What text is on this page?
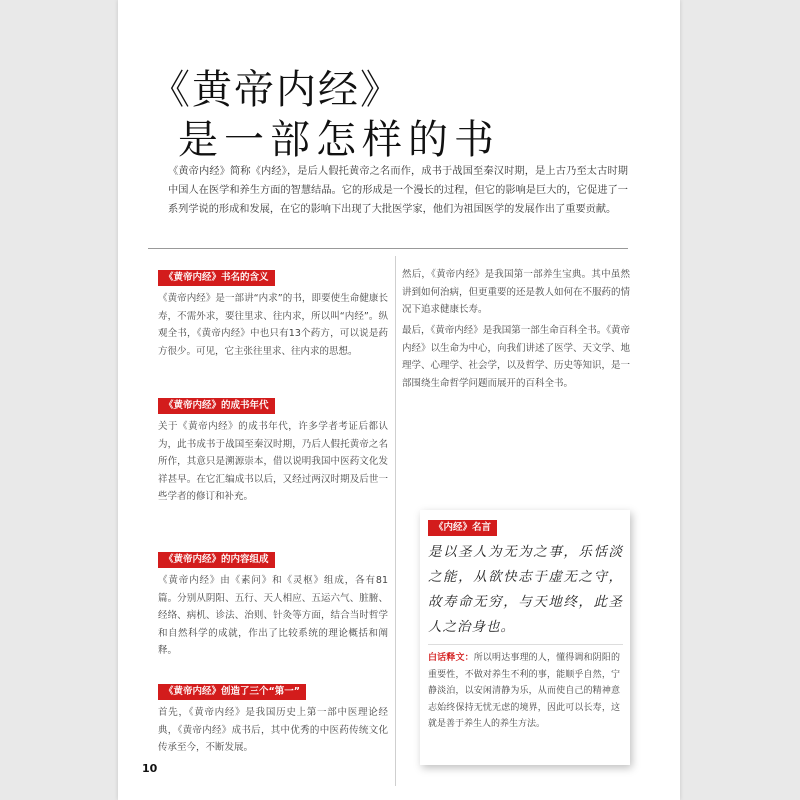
《黄帝内经》
是一部怎样的书
《黄帝内经》简称《内经》，是后人假托黄帝之名而作，成书于战国至秦汉时期，是上古乃至太古时期中国人在医学和养生方面的智慧结晶。它的形成是一个漫长的过程，但它的影响是巨大的，它促进了一系列学说的形成和发展，在它的影响下出现了大批医学家，他们为祖国医学的发展作出了重要贡献。
《黄帝内经》书名的含义
《黄帝内经》是一部讲“内求”的书，即要使生命健康长寿，不需外求，要往里求、往内求，所以叫“内经”。纵观全书，《黄帝内经》中也只有13个药方，可以说是药方很少。可见，它主张往里求、往内求的思想。
《黄帝内经》的成书年代
关于《黄帝内经》的成书年代，许多学者考证后都认为，此书成书于战国至秦汉时期，乃后人假托黄帝之名所作，其意只是溯源崇本，借以说明我国中医药文化发祥甚早。在它汇编成书以后，又经过两汉时期及后世一些学者的修订和补充。
《黄帝内经》的内容组成
《黄帝内经》由《素问》和《灵枢》组成，各有81篇。分别从阴阳、五行、天人相应、五运六气、脏腑、经络、病机、诊法、治则、针灸等方面，结合当时哲学和自然科学的成就，作出了比较系统的理论概括和阐释。
《黄帝内经》创造了三个“第一”
首先，《黄帝内经》是我国历史上第一部中医理论经典，《黄帝内经》成书后，其中优秀的中医药传统文化传承至今，不断发展。
然后，《黄帝内经》是我国第一部养生宝典。其中虽然讲到如何治病，但更重要的还是教人如何在不服药的情况下追求健康长寿。
最后，《黄帝内经》是我国第一部生命百科全书。《黄帝内经》以生命为中心，向我们讲述了医学、天文学、地理学、心理学、社会学，以及哲学、历史等知识，是一部围绕生命哲学问题而展开的百科全书。
《内经》名言
是以圣人为无为之事，乐恬淡之能，从欲快志于虚无之守，故寿命无穷，与天地终，此圣人之治身也。
白话释文：所以明达事理的人，懂得调和阴阳的重要性，不做对养生不利的事，能顺乎自然，宁静淡泊，以安闲清静为乐，从而使自己的精神意志始终保持无忧无虑的境界，因此可以长寿，这就是善于养生人的养生方法。
10
